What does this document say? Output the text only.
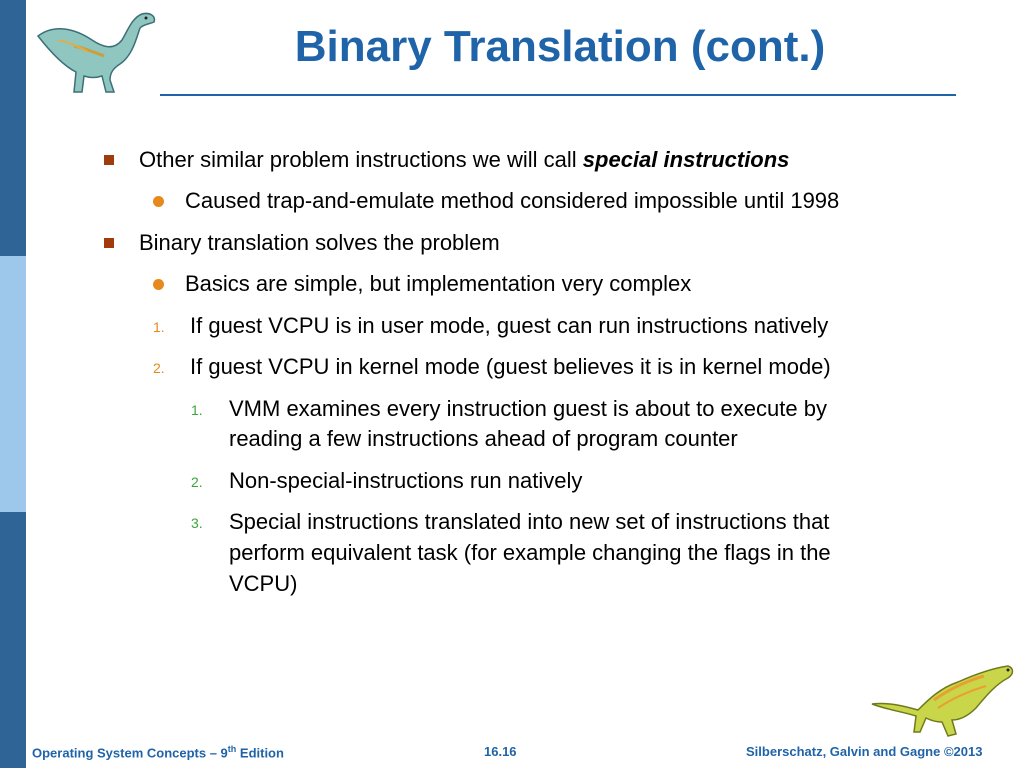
Binary Translation (cont.)
Other similar problem instructions we will call special instructions
Caused trap-and-emulate method considered impossible until 1998
Binary translation solves the problem
Basics are simple, but implementation very complex
1. If guest VCPU is in user mode, guest can run instructions natively
2. If guest VCPU in kernel mode (guest believes it is in kernel mode)
1. VMM examines every instruction guest is about to execute by
reading a few instructions ahead of program counter
2. Non-special-instructions run natively
3. Special instructions translated into new set of instructions that
perform equivalent task (for example changing the flags in the
VCPU)
Operating System Concepts – 9th Edition	16.16	Silberschatz, Galvin and Gagne ©2013
